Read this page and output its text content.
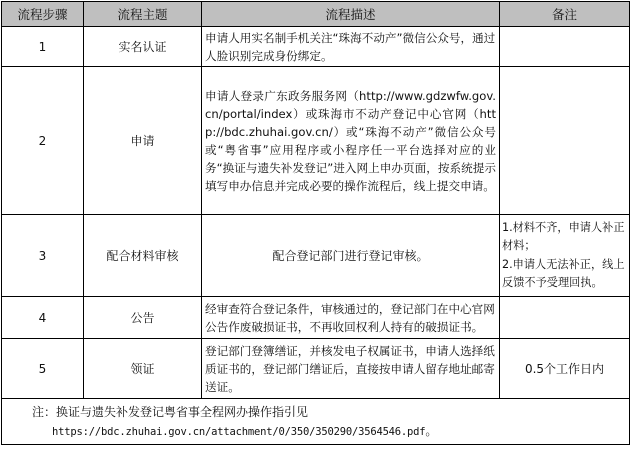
流程步骤	流程主题	流程描述	备注
1	实名认证	申请人用实名制手机关注“珠海不动产”微信公众号，通过人脸识别完成身份绑定。	
2	申请	申请人登录广东政务服务网（http://www.gdzwfw.gov.cn/portal/index）或珠海市不动产登记中心官网（http://bdc.zhuhai.gov.cn/）或“珠海不动产”微信公众号或“粤省事”应用程序或小程序任一平台选择对应的业务“换证与遗失补发登记”进入网上申办页面，按系统提示填写申办信息并完成必要的操作流程后，线上提交申请。	
3	配合材料审核	配合登记部门进行登记审核。	1.材料不齐，申请人补正材料；
2.申请人无法补正，线上反馈不予受理回执。

4	公告	经审查符合登记条件，审核通过的，登记部门在中心官网公告作废破损证书，不再收回权利人持有的破损证书。	
5	领证	登记部门登簿缮证，并核发电子权属证书，申请人选择纸质证书的，登记部门缮证后，直接按申请人留存地址邮寄送证。	0.5个工作日内

注：换证与遗失补发登记粤省事全程网办操作指引见
https://bdc.zhuhai.gov.cn/attachment/0/350/350290/3564546.pdf。			
